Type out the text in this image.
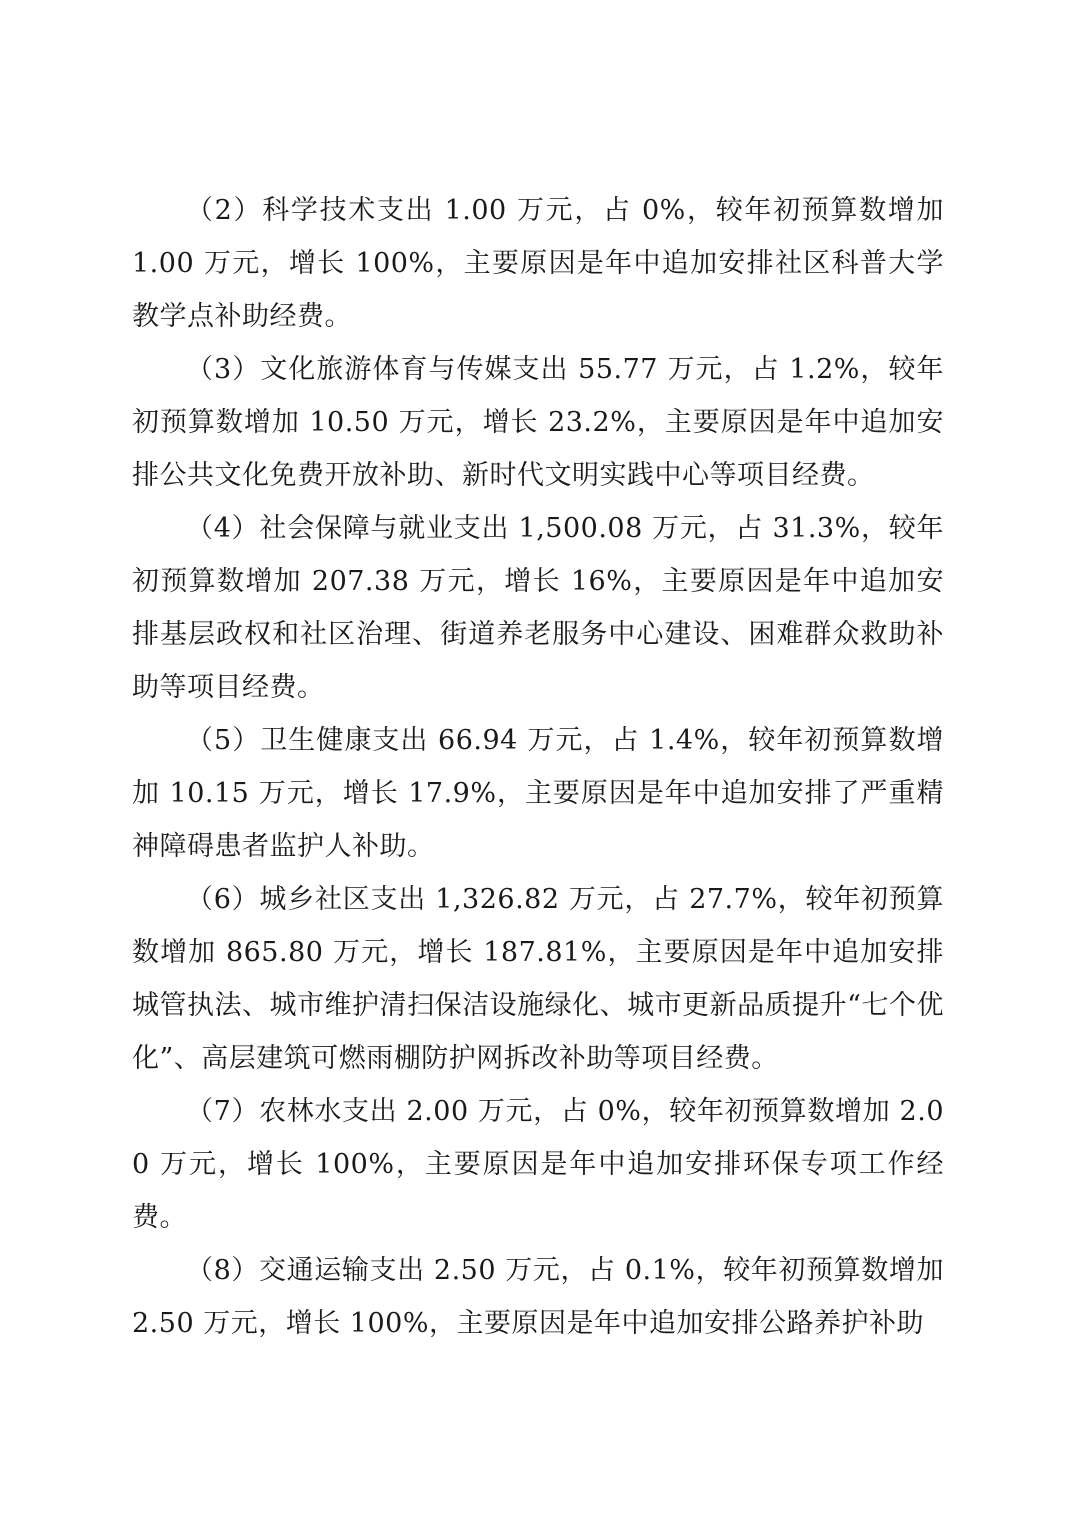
（2）科学技术支出 1.00 万元，占 0%，较年初预算数增加 1.00 万元，增长 100%，主要原因是年中追加安排社区科普大学教学点补助经费。

（3）文化旅游体育与传媒支出 55.77 万元，占 1.2%，较年初预算数增加 10.50 万元，增长 23.2%，主要原因是年中追加安排公共文化免费开放补助、新时代文明实践中心等项目经费。

（4）社会保障与就业支出 1,500.08 万元，占 31.3%，较年初预算数增加 207.38 万元，增长 16%，主要原因是年中追加安排基层政权和社区治理、街道养老服务中心建设、困难群众救助补助等项目经费。

（5）卫生健康支出 66.94 万元，占 1.4%，较年初预算数增加 10.15 万元，增长 17.9%，主要原因是年中追加安排了严重精神障碍患者监护人补助。

（6）城乡社区支出 1,326.82 万元，占 27.7%，较年初预算数增加 865.80 万元，增长 187.81%，主要原因是年中追加安排城管执法、城市维护清扫保洁设施绿化、城市更新品质提升“七个优化”、高层建筑可燃雨棚防护网拆改补助等项目经费。

（7）农林水支出 2.00 万元，占 0%，较年初预算数增加 2.00 万元，增长 100%，主要原因是年中追加安排环保专项工作经费。

（8）交通运输支出 2.50 万元，占 0.1%，较年初预算数增加 2.50 万元，增长 100%，主要原因是年中追加安排公路养护补助
